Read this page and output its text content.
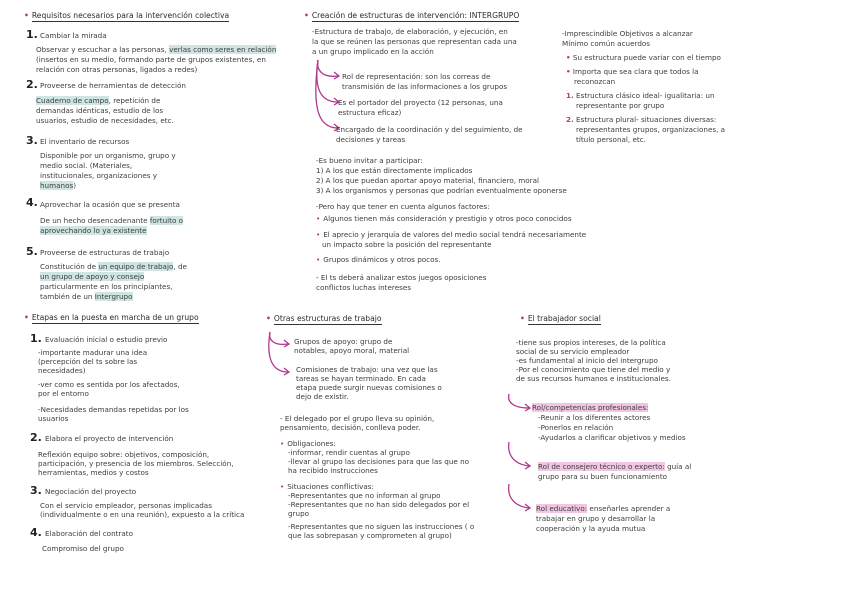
• Requisitos necesarios para la intervención colectiva
1. Cambiar la mirada
Observar y escuchar a las personas, verlas como seres en relación
(insertos en su medio, formando parte de grupos existentes, en
relación con otras personas, ligados a redes)
2. Proveerse de herramientas de detección
Cuaderno de campo, repetición de
demandas idénticas, estudio de los
usuarios, estudio de necesidades, etc.
3. El inventario de recursos
Disponible por un organismo, grupo y
medio social. (Materiales,
institucionales, organizaciones y
humanos)
4. Aprovechar la ocasión que se presenta
De un hecho desencadenante fortuito o
aprovechando lo ya existente
5. Proveerse de estructuras de trabajo
Constitución de un equipo de trabajo, de
un grupo de apoyo y consejo
particularmente en los principiantes,
también de un Intergrupo
• Etapas en la puesta en marcha de un grupo
1. Evaluación inicial o estudio previo
-importante madurar una idea
(percepción del ts sobre las
necesidades)
-ver como es sentida por los afectados,
por el entorno
-Necesidades demandas repetidas por los
usuarios
2. Elabora el proyecto de intervención
Reflexión equipo sobre: objetivos, composición,
participación, y presencia de los miembros. Selección,
herramientas, medios y costos
3. Negociación del proyecto
Con el servicio empleador, personas implicadas
(individualmente o en una reunión), expuesto a la crítica
4. Elaboración del contrato
Compromiso del grupo
• Creación de estructuras de intervención: INTERGRUPO
-Estructura de trabajo, de elaboración, y ejecución, en
la que se reúnen las personas que representan cada una
a un grupo implicado en la acción
Rol de representación: son los correas de
transmisión de las informaciones a los grupos
Es el portador del proyecto (12 personas, una
estructura eficaz)
Encargado de la coordinación y del seguimiento, de
decisiones y tareas
-Es bueno invitar a participar:
1) A los que están directamente implicados
2) A los que puedan aportar apoyo material, financiero, moral
3) A los organismos y personas que podrían eventualmente oponerse
-Pero hay que tener en cuenta algunos factores:
• Algunos tienen más consideración y prestigio y otros poco conocidos
• El aprecio y jerarquía de valores del medio social tendrá necesariamente
un impacto sobre la posición del representante
• Grupos dinámicos y otros pocos.
- El ts deberá analizar estos juegos oposiciones
conflictos luchas intereses
• Otras estructuras de trabajo
Grupos de apoyo: grupo de
notables, apoyo moral, material
Comisiones de trabajo: una vez que las
tareas se hayan terminado. En cada
etapa puede surgir nuevas comisiones o
dejo de existir.
- El delegado por el grupo lleva su opinión,
pensamiento, decisión, conlleva poder.
• Obligaciones:
-informar, rendir cuentas al grupo
-llevar al grupo las decisiones para que las que no
ha recibido instrucciones
• Situaciones conflictivas:
-Representantes que no informan al grupo
-Representantes que no han sido delegados por el
grupo
-Representantes que no siguen las instrucciones ( o
que las sobrepasan y comprometen al grupo)
-Imprescindible Objetivos a alcanzar
Mínimo común acuerdos
• Su estructura puede variar con el tiempo
• Importa que sea clara que todos la
reconozcan
1. Estructura clásico ideal- igualitaria: un
representante por grupo
2. Estructura plural- situaciones diversas:
representantes grupos, organizaciones, a
título personal, etc.
• El trabajador social
-tiene sus propios intereses, de la política
social de su servicio empleador
-es fundamental al inicio del intergrupo
-Por el conocimiento que tiene del medio y
de sus recursos humanos e institucionales.
Rol/competencias profesionales:
-Reunir a los diferentes actores
-Ponerlos en relación
-Ayudarlos a clarificar objetivos y medios
Rol de consejero técnico o experto: guía al
grupo para su buen funcionamiento
Rol educativo: enseñarles aprender a
trabajar en grupo y desarrollar la
cooperación y la ayuda mutua
